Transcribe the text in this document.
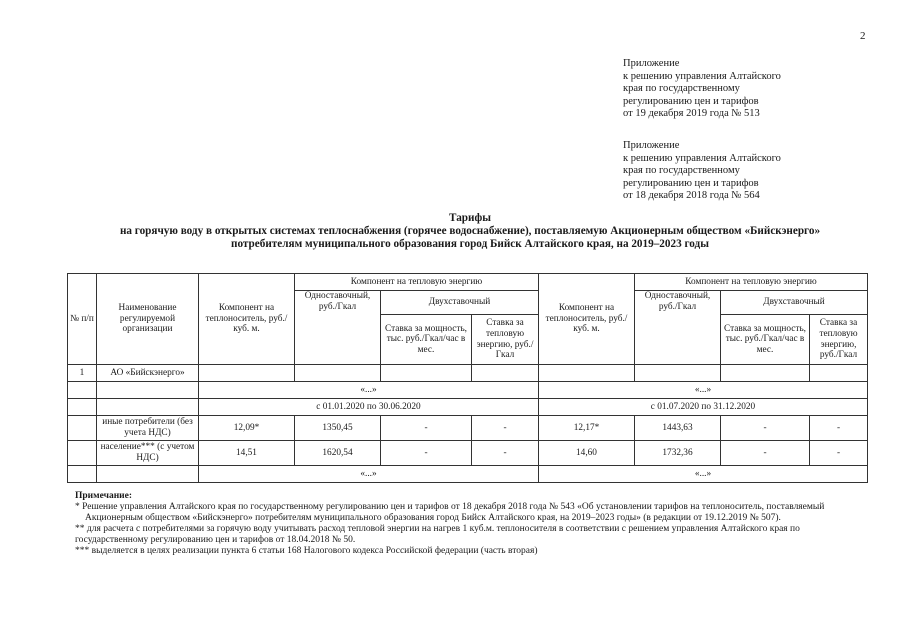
2
Приложение
к решению управления Алтайского
края по государственному
регулированию цен и тарифов
от 19 декабря 2019 года № 513
Приложение
к решению управления Алтайского
края по государственному
регулированию цен и тарифов
от 18 декабря 2018 года № 564
Тарифы
на горячую воду в открытых системах теплоснабжения (горячее водоснабжение), поставляемую Акционерным обществом «Бийскэнерго»
потребителям муниципального образования город Бийск Алтайского края, на 2019–2023 годы
№ п/п	Наименование регулируемой организации	Компонент на теплоноситель, руб./куб. м.	Компонент на тепловую энергию			Компонент на теплоноситель, руб./куб. м.	Компонент на тепловую энергию		
			Одноставочный, руб./Гкал	Двухставочный			Одноставочный, руб./Гкал	Двухставочный	
				Ставка за мощность, тыс. руб./Гкал/час в мес.	Ставка за тепловую энергию, руб./Гкал			Ставка за мощность, тыс. руб./Гкал/час в мес.	Ставка за тепловую энергию, руб./Гкал
1	АО «Бийскэнерго»								
		«...»				«...»			
		с 01.01.2020 по 30.06.2020				с 01.07.2020 по 31.12.2020			
	иные потребители (без учета НДС)	12,09*	1350,45	-	-	12,17*	1443,63	-	-
	население*** (с учетом НДС)	14,51	1620,54	-	-	14,60	1732,36	-	-
		«...»				«...»			

Примечание:

* Решение управления Алтайского края по государственному регулированию цен и тарифов от 18 декабря 2018 года № 543 «Об установлении тарифов на теплоноситель, поставляемый Акционерным обществом «Бийскэнерго» потребителям муниципального образования город Бийск Алтайского края, на 2019–2023 годы» (в редакции от 19.12.2019 № 507).

** для расчета с потребителями за горячую воду учитывать расход тепловой энергии на нагрев 1 куб.м. теплоносителя в соответствии с решением управления Алтайского края по государственному регулированию цен и тарифов от 18.04.2018 № 50.

*** выделяется в целях реализации пункта 6 статьи 168 Налогового кодекса Российской федерации (часть вторая)
